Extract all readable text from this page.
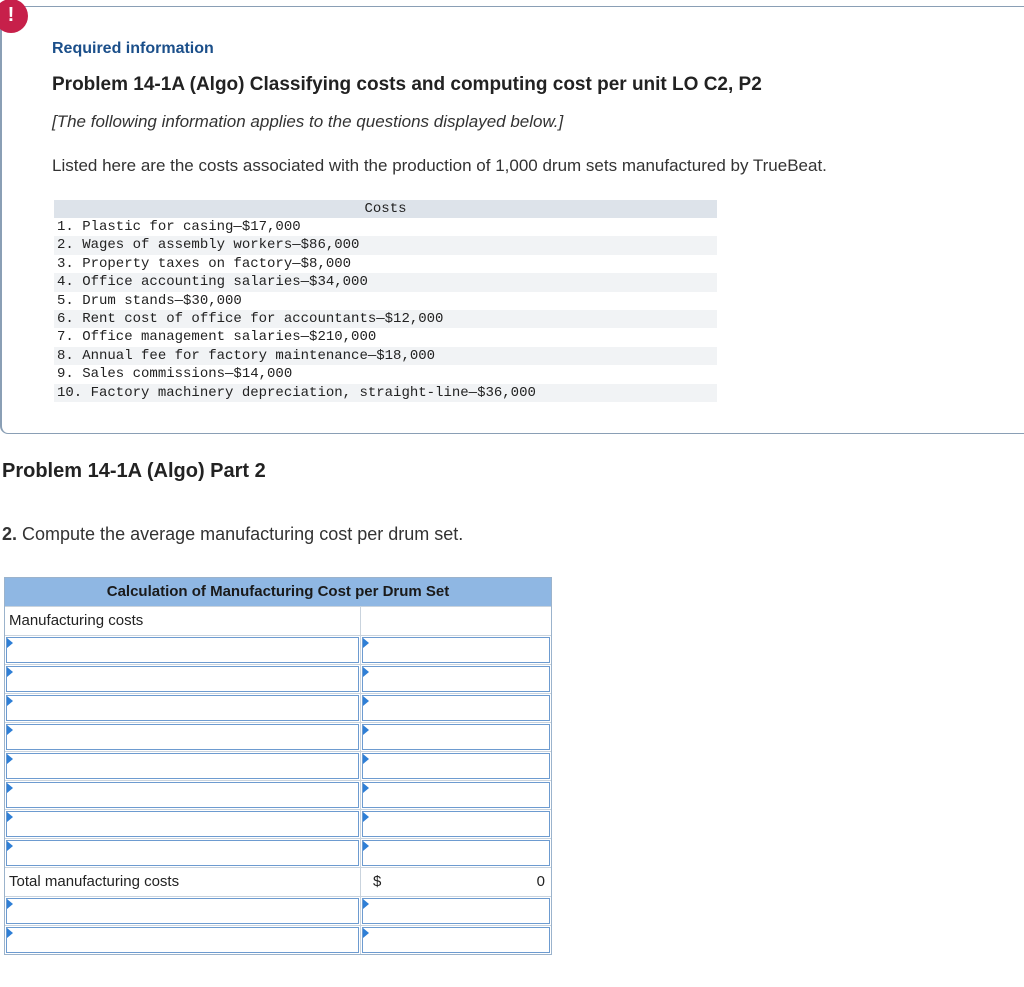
!
Required information
Problem 14-1A (Algo) Classifying costs and computing cost per unit LO C2, P2
[The following information applies to the questions displayed below.]
Listed here are the costs associated with the production of 1,000 drum sets manufactured by TrueBeat.
Costs
1. Plastic for casing—$17,000
2. Wages of assembly workers—$86,000
3. Property taxes on factory—$8,000
4. Office accounting salaries—$34,000
5. Drum stands—$30,000
6. Rent cost of office for accountants—$12,000
7. Office management salaries—$210,000
8. Annual fee for factory maintenance—$18,000
9. Sales commissions—$14,000
10. Factory machinery depreciation, straight-line—$36,000
Problem 14-1A (Algo) Part 2
2. Compute the average manufacturing cost per drum set.
Calculation of Manufacturing Cost per Drum Set
Manufacturing costs
Total manufacturing costs	$	0
